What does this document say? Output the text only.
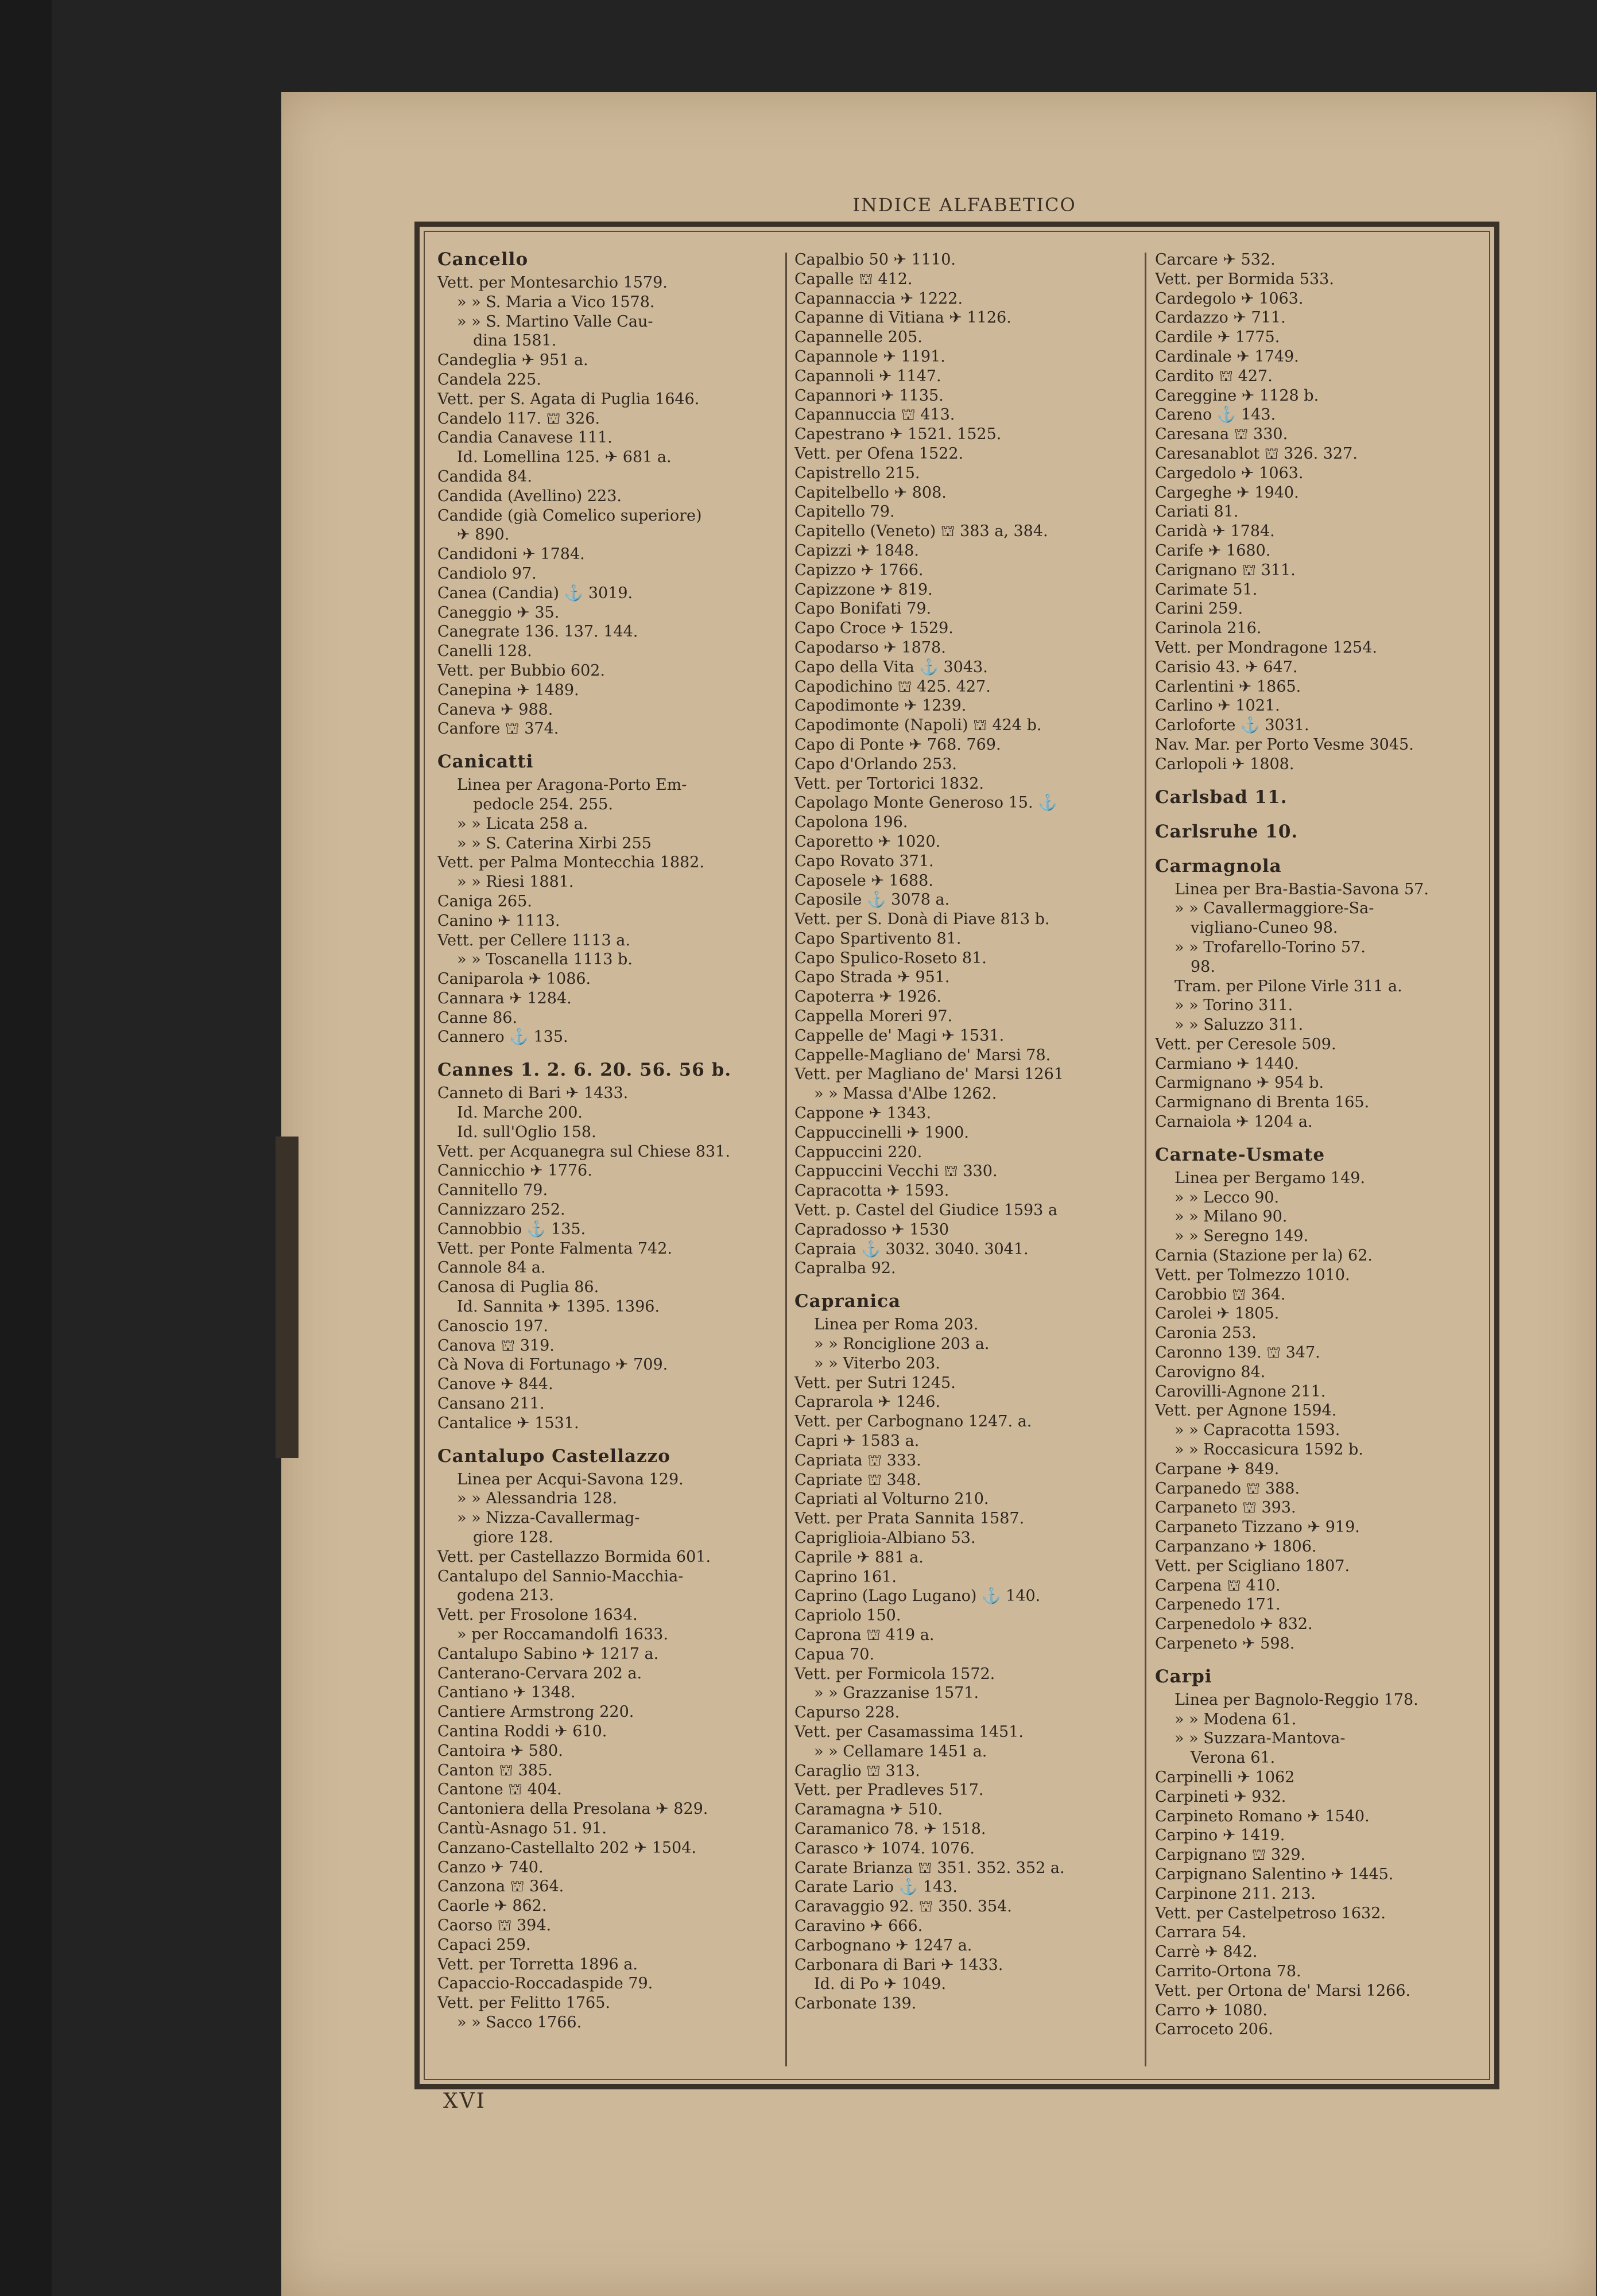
INDICE ALFABETICO
Cancello
Vett. per Montesarchio 1579.
» » S. Maria a Vico 1578.
» » S. Martino Valle Cau-
dina 1581.
Candeglia ✈ 951 a.
Candela 225.
Vett. per S. Agata di Puglia 1646.
Candelo 117. ⛫ 326.
Candia Canavese 111.
Id. Lomellina 125. ✈ 681 a.
Candida 84.
Candida (Avellino) 223.
Candide (già Comelico superiore)
✈ 890.
Candidoni ✈ 1784.
Candiolo 97.
Canea (Candia) ⚓ 3019.
Caneggio ✈ 35.
Canegrate 136. 137. 144.
Canelli 128.
Vett. per Bubbio 602.
Canepina ✈ 1489.
Caneva ✈ 988.
Canfore ⛫ 374.
Canicatti
Linea per Aragona-Porto Em-
pedocle 254. 255.
» » Licata 258 a.
» » S. Caterina Xirbi 255
Vett. per Palma Montecchia 1882.
» » Riesi 1881.
Caniga 265.
Canino ✈ 1113.
Vett. per Cellere 1113 a.
» » Toscanella 1113 b.
Caniparola ✈ 1086.
Cannara ✈ 1284.
Canne 86.
Cannero ⚓ 135.
Cannes 1. 2. 6. 20. 56. 56 b.
Canneto di Bari ✈ 1433.
Id. Marche 200.
Id. sull'Oglio 158.
Vett. per Acquanegra sul Chiese 831.
Cannicchio ✈ 1776.
Cannitello 79.
Cannizzaro 252.
Cannobbio ⚓ 135.
Vett. per Ponte Falmenta 742.
Cannole 84 a.
Canosa di Puglia 86.
Id. Sannita ✈ 1395. 1396.
Canoscio 197.
Canova ⛫ 319.
Cà Nova di Fortunago ✈ 709.
Canove ✈ 844.
Cansano 211.
Cantalice ✈ 1531.
Cantalupo Castellazzo
Linea per Acqui-Savona 129.
» » Alessandria 128.
» » Nizza-Cavallermag-
giore 128.
Vett. per Castellazzo Bormida 601.
Cantalupo del Sannio-Macchia-
godena 213.
Vett. per Frosolone 1634.
» per Roccamandolfi 1633.
Cantalupo Sabino ✈ 1217 a.
Canterano-Cervara 202 a.
Cantiano ✈ 1348.
Cantiere Armstrong 220.
Cantina Roddi ✈ 610.
Cantoira ✈ 580.
Canton ⛫ 385.
Cantone ⛫ 404.
Cantoniera della Presolana ✈ 829.
Cantù-Asnago 51. 91.
Canzano-Castellalto 202 ✈ 1504.
Canzo ✈ 740.
Canzona ⛫ 364.
Caorle ✈ 862.
Caorso ⛫ 394.
Capaci 259.
Vett. per Torretta 1896 a.
Capaccio-Roccadaspide 79.
Vett. per Felitto 1765.
» » Sacco 1766.
Capalbio 50 ✈ 1110.
Capalle ⛫ 412.
Capannaccia ✈ 1222.
Capanne di Vitiana ✈ 1126.
Capannelle 205.
Capannole ✈ 1191.
Capannoli ✈ 1147.
Capannori ✈ 1135.
Capannuccia ⛫ 413.
Capestrano ✈ 1521. 1525.
Vett. per Ofena 1522.
Capistrello 215.
Capitelbello ✈ 808.
Capitello 79.
Capitello (Veneto) ⛫ 383 a, 384.
Capizzi ✈ 1848.
Capizzo ✈ 1766.
Capizzone ✈ 819.
Capo Bonifati 79.
Capo Croce ✈ 1529.
Capodarso ✈ 1878.
Capo della Vita ⚓ 3043.
Capodichino ⛫ 425. 427.
Capodimonte ✈ 1239.
Capodimonte (Napoli) ⛫ 424 b.
Capo di Ponte ✈ 768. 769.
Capo d'Orlando 253.
Vett. per Tortorici 1832.
Capolago Monte Generoso 15. ⚓
Capolona 196.
Caporetto ✈ 1020.
Capo Rovato 371.
Caposele ✈ 1688.
Caposile ⚓ 3078 a.
Vett. per S. Donà di Piave 813 b.
Capo Spartivento 81.
Capo Spulico-Roseto 81.
Capo Strada ✈ 951.
Capoterra ✈ 1926.
Cappella Moreri 97.
Cappelle de' Magi ✈ 1531.
Cappelle-Magliano de' Marsi 78.
Vett. per Magliano de' Marsi 1261
» » Massa d'Albe 1262.
Cappone ✈ 1343.
Cappuccinelli ✈ 1900.
Cappuccini 220.
Cappuccini Vecchi ⛫ 330.
Capracotta ✈ 1593.
Vett. p. Castel del Giudice 1593 a
Capradosso ✈ 1530
Capraia ⚓ 3032. 3040. 3041.
Capralba 92.
Capranica
Linea per Roma 203.
» » Ronciglione 203 a.
» » Viterbo 203.
Vett. per Sutri 1245.
Caprarola ✈ 1246.
Vett. per Carbognano 1247. a.
Capri ✈ 1583 a.
Capriata ⛫ 333.
Capriate ⛫ 348.
Capriati al Volturno 210.
Vett. per Prata Sannita 1587.
Capriglioia-Albiano 53.
Caprile ✈ 881 a.
Caprino 161.
Caprino (Lago Lugano) ⚓ 140.
Capriolo 150.
Caprona ⛫ 419 a.
Capua 70.
Vett. per Formicola 1572.
» » Grazzanise 1571.
Capurso 228.
Vett. per Casamassima 1451.
» » Cellamare 1451 a.
Caraglio ⛫ 313.
Vett. per Pradleves 517.
Caramagna ✈ 510.
Caramanico 78. ✈ 1518.
Carasco ✈ 1074. 1076.
Carate Brianza ⛫ 351. 352. 352 a.
Carate Lario ⚓ 143.
Caravaggio 92. ⛫ 350. 354.
Caravino ✈ 666.
Carbognano ✈ 1247 a.
Carbonara di Bari ✈ 1433.
Id. di Po ✈ 1049.
Carbonate 139.
Carcare ✈ 532.
Vett. per Bormida 533.
Cardegolo ✈ 1063.
Cardazzo ✈ 711.
Cardile ✈ 1775.
Cardinale ✈ 1749.
Cardito ⛫ 427.
Careggine ✈ 1128 b.
Careno ⚓ 143.
Caresana ⛫ 330.
Caresanablot ⛫ 326. 327.
Cargedolo ✈ 1063.
Cargeghe ✈ 1940.
Cariati 81.
Caridà ✈ 1784.
Carife ✈ 1680.
Carignano ⛫ 311.
Carimate 51.
Carini 259.
Carinola 216.
Vett. per Mondragone 1254.
Carisio 43. ✈ 647.
Carlentini ✈ 1865.
Carlino ✈ 1021.
Carloforte ⚓ 3031.
Nav. Mar. per Porto Vesme 3045.
Carlopoli ✈ 1808.
Carlsbad 11.
Carlsruhe 10.
Carmagnola
Linea per Bra-Bastia-Savona 57.
» » Cavallermaggiore-Sa-
vigliano-Cuneo 98.
» » Trofarello-Torino 57.
98.
Tram. per Pilone Virle 311 a.
» » Torino 311.
» » Saluzzo 311.
Vett. per Ceresole 509.
Carmiano ✈ 1440.
Carmignano ✈ 954 b.
Carmignano di Brenta 165.
Carnaiola ✈ 1204 a.
Carnate-Usmate
Linea per Bergamo 149.
» » Lecco 90.
» » Milano 90.
» » Seregno 149.
Carnia (Stazione per la) 62.
Vett. per Tolmezzo 1010.
Carobbio ⛫ 364.
Carolei ✈ 1805.
Caronia 253.
Caronno 139. ⛫ 347.
Carovigno 84.
Carovilli-Agnone 211.
Vett. per Agnone 1594.
» » Capracotta 1593.
» » Roccasicura 1592 b.
Carpane ✈ 849.
Carpanedo ⛫ 388.
Carpaneto ⛫ 393.
Carpaneto Tizzano ✈ 919.
Carpanzano ✈ 1806.
Vett. per Scigliano 1807.
Carpena ⛫ 410.
Carpenedo 171.
Carpenedolo ✈ 832.
Carpeneto ✈ 598.
Carpi
Linea per Bagnolo-Reggio 178.
» » Modena 61.
» » Suzzara-Mantova-
Verona 61.
Carpinelli ✈ 1062
Carpineti ✈ 932.
Carpineto Romano ✈ 1540.
Carpino ✈ 1419.
Carpignano ⛫ 329.
Carpignano Salentino ✈ 1445.
Carpinone 211. 213.
Vett. per Castelpetroso 1632.
Carrara 54.
Carrè ✈ 842.
Carrito-Ortona 78.
Vett. per Ortona de' Marsi 1266.
Carro ✈ 1080.
Carroceto 206.
XVI
